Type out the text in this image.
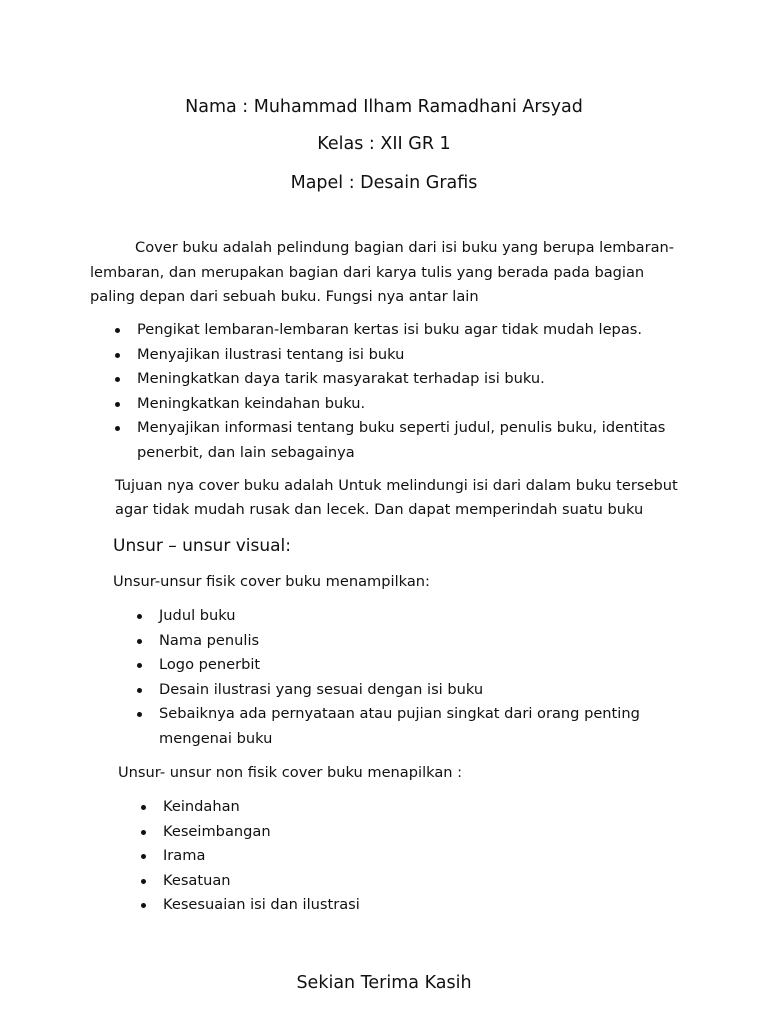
Nama : Muhammad Ilham Ramadhani Arsyad
Kelas : XII GR 1
Mapel : Desain Grafis

Cover buku adalah pelindung bagian dari isi buku yang berupa lembaran-lembaran, dan merupakan bagian dari karya tulis yang berada pada bagian paling depan dari sebuah buku. Fungsi nya antar lain

Pengikat lembaran-lembaran kertas isi buku agar tidak mudah lepas.
Menyajikan ilustrasi tentang isi buku
Meningkatkan daya tarik masyarakat terhadap isi buku.
Meningkatkan keindahan buku.
Menyajikan informasi tentang buku seperti judul, penulis buku, identitas penerbit, dan lain sebagainya

Tujuan nya cover buku adalah Untuk melindungi isi dari dalam buku tersebut

agar tidak mudah rusak dan lecek. Dan dapat memperindah suatu buku

Unsur – unsur visual:

Unsur-unsur fisik cover buku menampilkan:

Judul buku
Nama penulis
Logo penerbit
Desain ilustrasi yang sesuai dengan isi buku
Sebaiknya ada pernyataan atau pujian singkat dari orang penting mengenai buku

Unsur- unsur non fisik cover buku menapilkan :

Keindahan
Keseimbangan
Irama
Kesatuan
Kesesuaian isi dan ilustrasi

Sekian Terima Kasih
